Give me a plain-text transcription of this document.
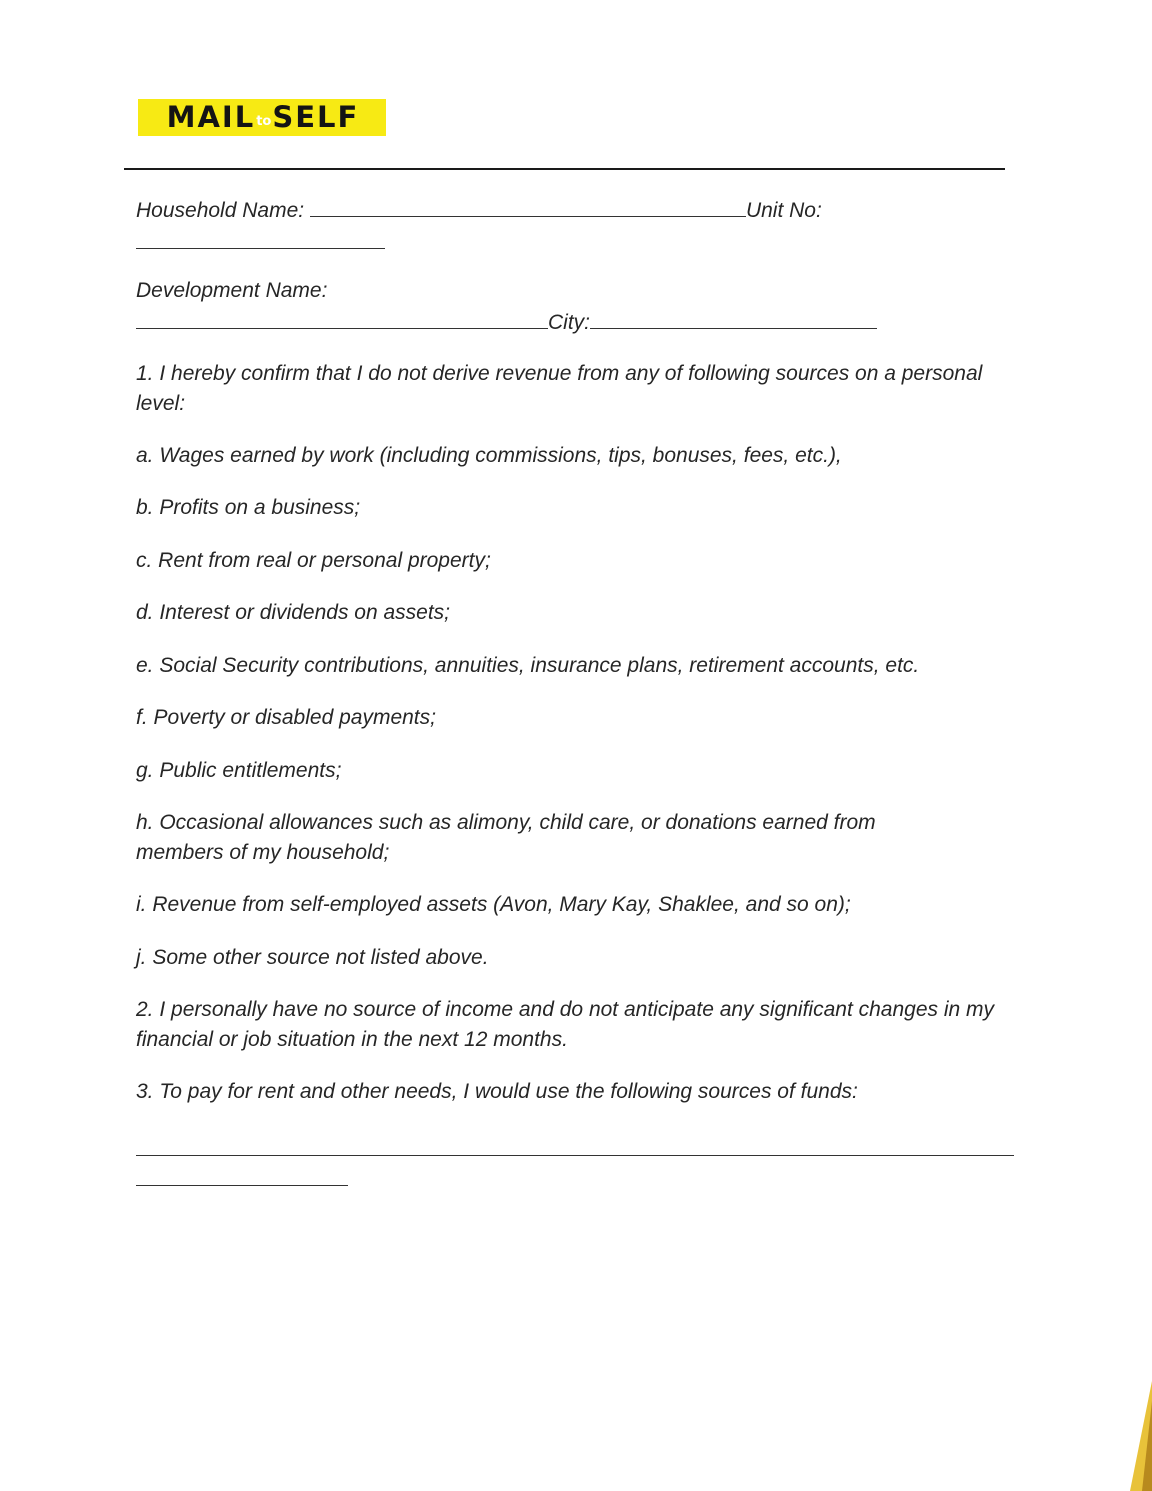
MAILtoSELF
Household Name:	Unit No:
Development Name:
City:
1. I hereby confirm that I do not derive revenue from any of following sources on a personal level:
a. Wages earned by work (including commissions, tips, bonuses, fees, etc.),
b. Profits on a business;
c. Rent from real or personal property;
d. Interest or dividends on assets;
e. Social Security contributions, annuities, insurance plans, retirement accounts, etc.
f. Poverty or disabled payments;
g. Public entitlements;
h. Occasional allowances such as alimony, child care, or donations earned from members of my household;
i. Revenue from self-employed assets (Avon, Mary Kay, Shaklee, and so on);
j. Some other source not listed above.
2. I personally have no source of income and do not anticipate any significant changes in my financial or job situation in the next 12 months.
3. To pay for rent and other needs, I would use the following sources of funds:
